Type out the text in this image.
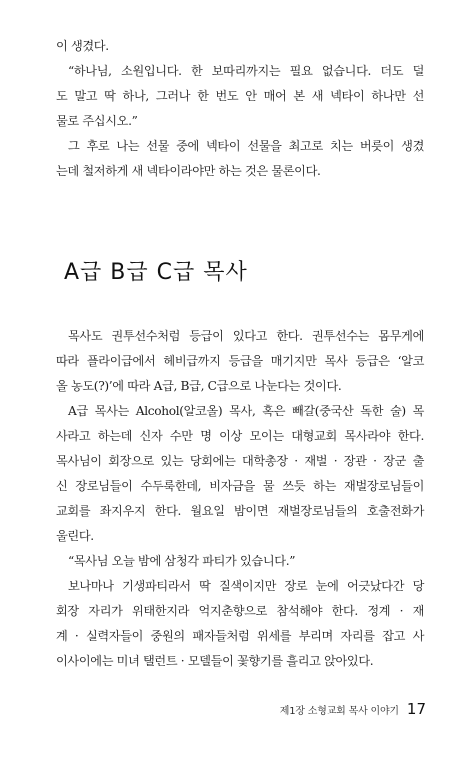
이 생겼다.
“하나님, 소원입니다. 한 보따리까지는 필요 없습니다. 더도 덜
도 말고 딱 하나, 그러나 한 번도 안 매어 본 새 넥타이 하나만 선
물로 주십시오.”
그 후로 나는 선물 중에 넥타이 선물을 최고로 치는 버릇이 생겼
는데 철저하게 새 넥타이라야만 하는 것은 물론이다.
A급 B급 C급 목사
목사도 권투선수처럼 등급이 있다고 한다. 권투선수는 몸무게에
따라 플라이급에서 헤비급까지 등급을 매기지만 목사 등급은 ‘알코
올 농도(?)’에 따라 A급, B급, C급으로 나눈다는 것이다.
A급 목사는 Alcohol(알코올) 목사, 혹은 빼갈(중국산 독한 술) 목
사라고 하는데 신자 수만 명 이상 모이는 대형교회 목사라야 한다.
목사님이 회장으로 있는 당회에는 대학총장 · 재벌 · 장관 · 장군 출
신 장로님들이 수두룩한데, 비자금을 물 쓰듯 하는 재벌장로님들이
교회를 좌지우지 한다. 월요일 밤이면 재벌장로님들의 호출전화가
울린다.
“목사님 오늘 밤에 삼청각 파티가 있습니다.”
보나마나 기생파티라서 딱 질색이지만 장로 눈에 어긋났다간 당
회장 자리가 위태한지라 억지춘향으로 참석해야 한다. 정계 · 재
계 · 실력자들이 중원의 패자들처럼 위세를 부리며 자리를 잡고 사
이사이에는 미녀 탤런트 · 모델들이 꽃향기를 흘리고 앉아있다.
제1장 소형교회 목사 이야기 17
